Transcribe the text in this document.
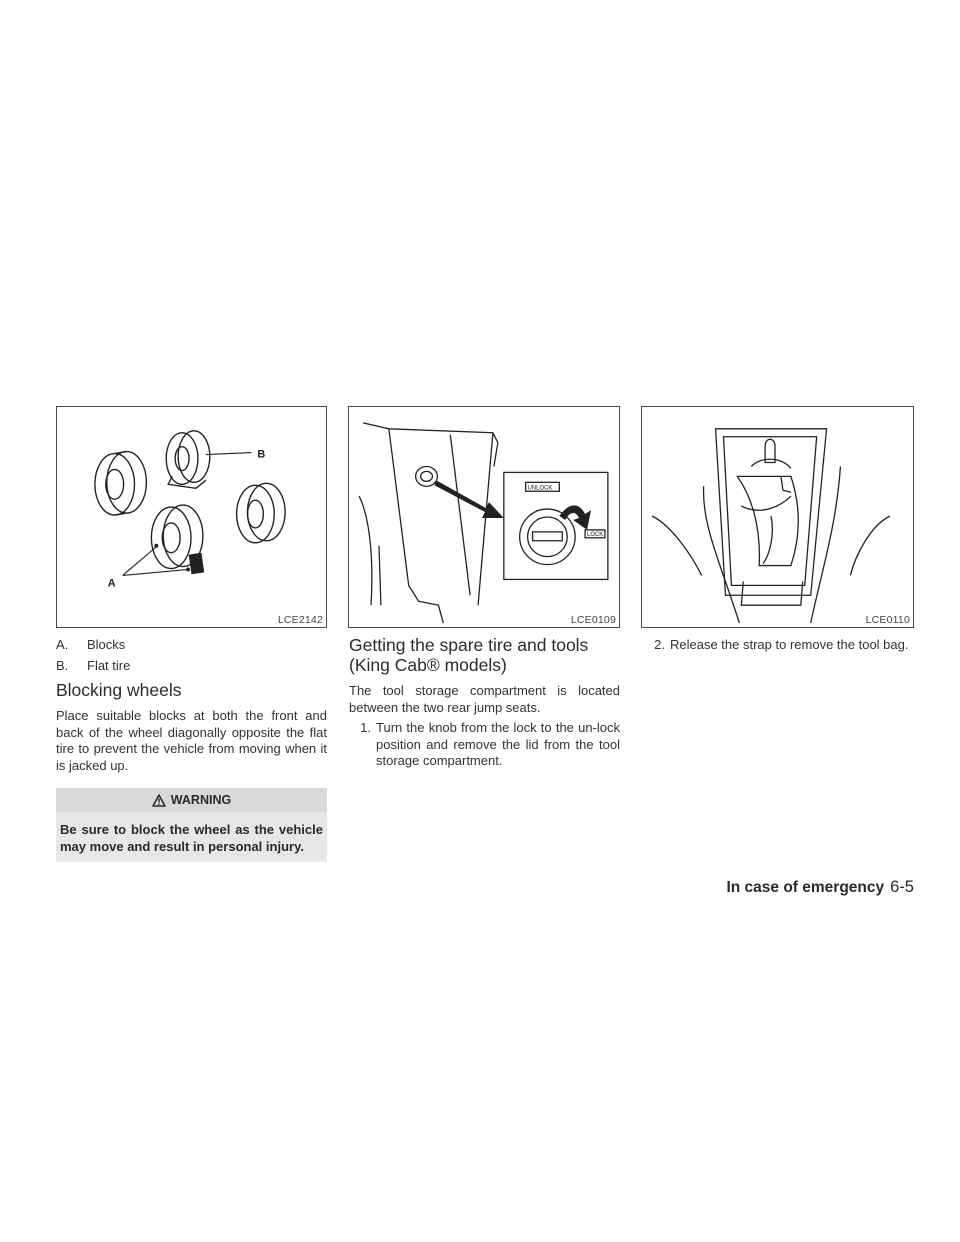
B
A
LCE2142
UNLOCK
LOCK
LCE0109	LCE0110
A.	Blocks
B.	Flat tire
Blocking wheels

Place suitable blocks at both the front and back of the wheel diagonally opposite the flat tire to prevent the vehicle from moving when it is jacked up.

WARNING
Be sure to block the wheel as the vehicle may move and result in personal injury.
Getting the spare tire and tools
(King Cab® models)

The tool storage compartment is located between the two rear jump seats.

1. Turn the knob from the lock to the un-lock position and remove the lid from the tool storage compartment.
2. Release the strap to remove the tool bag.
In case of emergency 6-5
